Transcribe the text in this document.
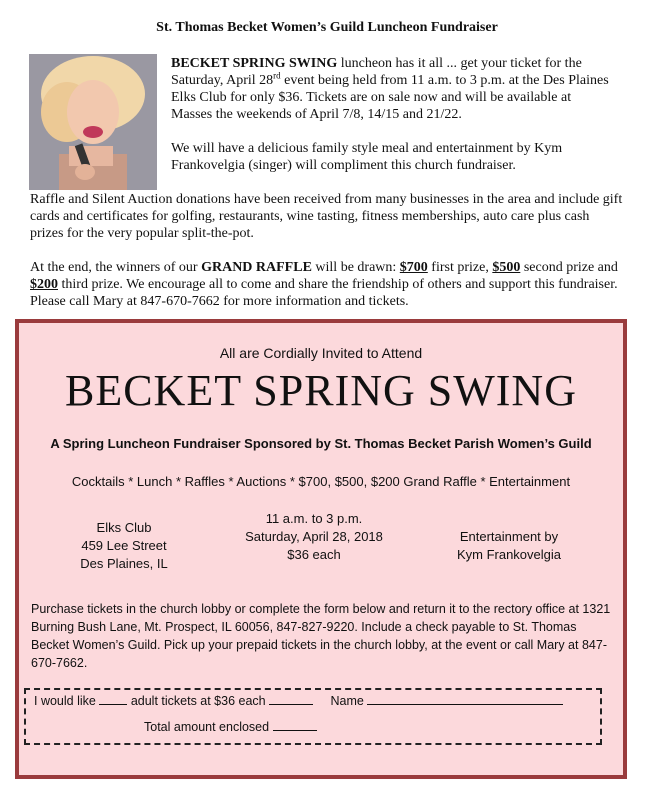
St. Thomas Becket Women’s Guild Luncheon Fundraiser

BECKET SPRING SWING luncheon has it all ... get your ticket for the Saturday, April 28rd event being held from 11 a.m. to 3 p.m. at the Des Plaines Elks Club for only $36. Tickets are on sale now and will be available at Masses the weekends of April 7/8, 14/15 and 21/22.

We will have a delicious family style meal and entertainment by Kym Frankovelgia (singer) will compliment this church fundraiser.

Raffle and Silent Auction donations have been received from many businesses in the area and include gift cards and certificates for golfing, restaurants, wine tasting, fitness memberships, auto care plus cash prizes for the very popular split-the-pot.

At the end, the winners of our GRAND RAFFLE will be drawn: $700 first prize, $500 second prize and $200 third prize. We encourage all to come and share the friendship of others and support this fundraiser. Please call Mary at 847-670-7662 for more information and tickets.

All are Cordially Invited to Attend
BECKET SPRING SWING
A Spring Luncheon Fundraiser Sponsored by St. Thomas Becket Parish Women’s Guild
Cocktails * Lunch * Raffles * Auctions * $700, $500, $200 Grand Raffle * Entertainment
Elks Club
459 Lee Street
Des Plaines, IL
11 a.m. to 3 p.m.
Saturday, April 28, 2018
$36 each
Entertainment by
Kym Frankovelgia
Purchase tickets in the church lobby or complete the form below and return it to the rectory office at 1321 Burning Bush Lane, Mt. Prospect, IL 60056, 847-827-9220. Include a check payable to St. Thomas Becket Women’s Guild. Pick up your prepaid tickets in the church lobby, at the event or call Mary at 847-670-7662.
I would like	adult tickets at $36 each	Name
Total amount enclosed
